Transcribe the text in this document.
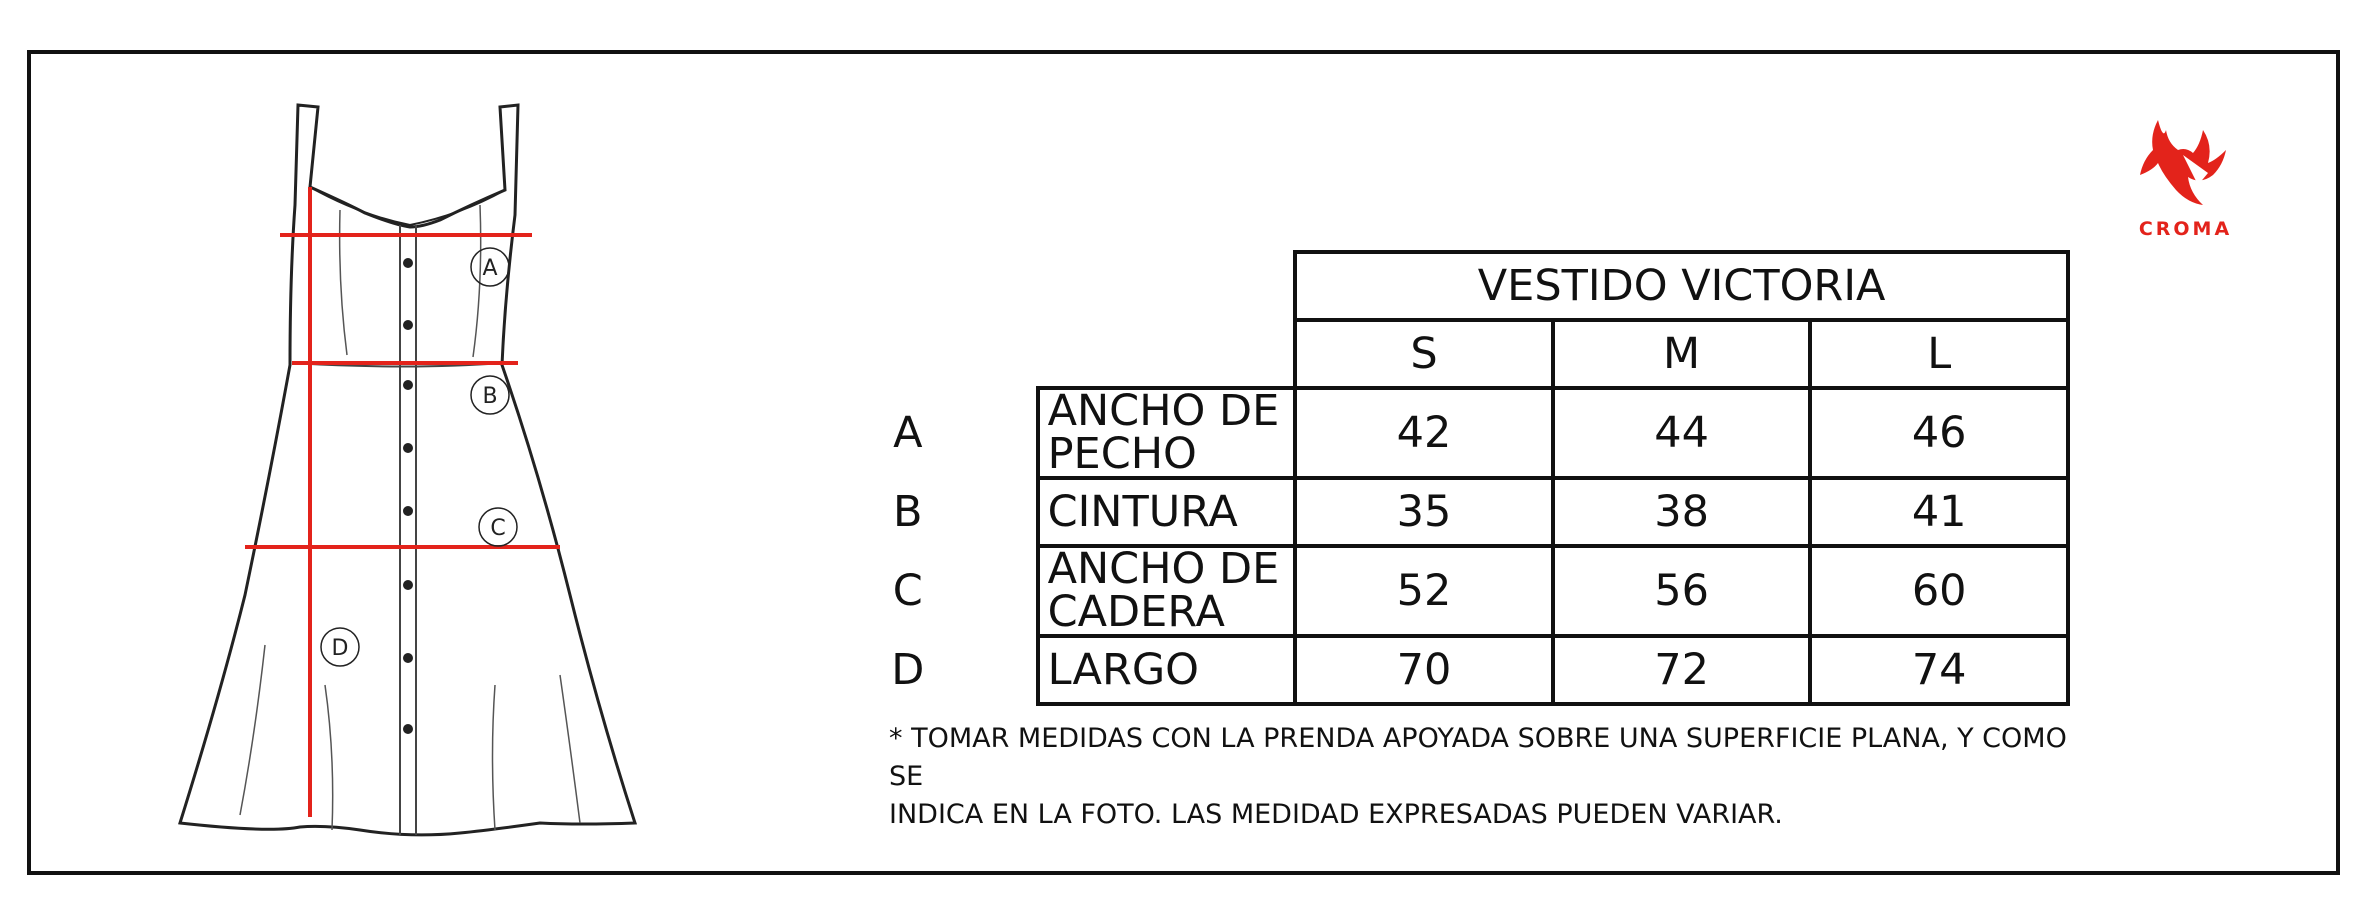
A
B
C
D
		VESTIDO VICTORIA		
		S	M	L
A	ANCHO DE PECHO	42	44	46
B	CINTURA	35	38	41
C	ANCHO DE CADERA	52	56	60
D	LARGO	70	72	74
* TOMAR MEDIDAS CON LA PRENDA APOYADA SOBRE UNA SUPERFICIE PLANA, Y COMO SE
INDICA EN LA FOTO. LAS MEDIDAD EXPRESADAS PUEDEN VARIAR.
CROMA
